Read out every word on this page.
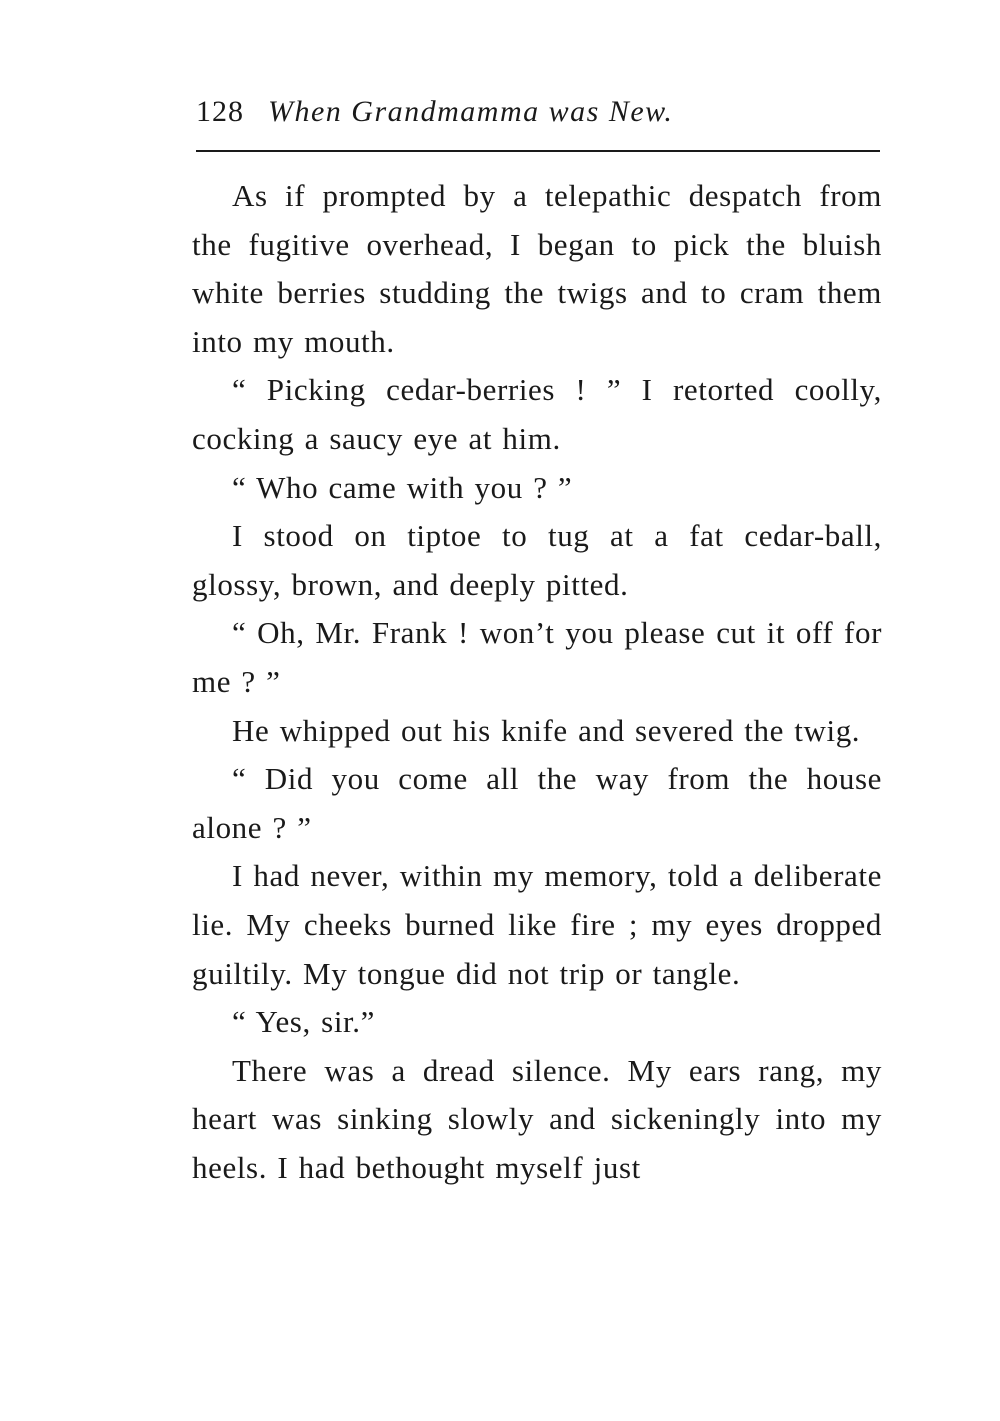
128 When Grandmamma was New.

As if prompted by a telepathic despatch from the fugitive overhead, I began to pick the bluish white berries studding the twigs and to cram them into my mouth.

“ Picking cedar-berries ! ” I retorted coolly, cocking a saucy eye at him.

“ Who came with you ? ”

I stood on tiptoe to tug at a fat cedar-ball, glossy, brown, and deeply pitted.

“ Oh, Mr. Frank ! won’t you please cut it off for me ? ”

He whipped out his knife and severed the twig.

“ Did you come all the way from the house alone ? ”

I had never, within my memory, told a deliberate lie. My cheeks burned like fire ; my eyes dropped guiltily. My tongue did not trip or tangle.

“ Yes, sir.”

There was a dread silence. My ears rang, my heart was sinking slowly and sickeningly into my heels. I had bethought myself just
